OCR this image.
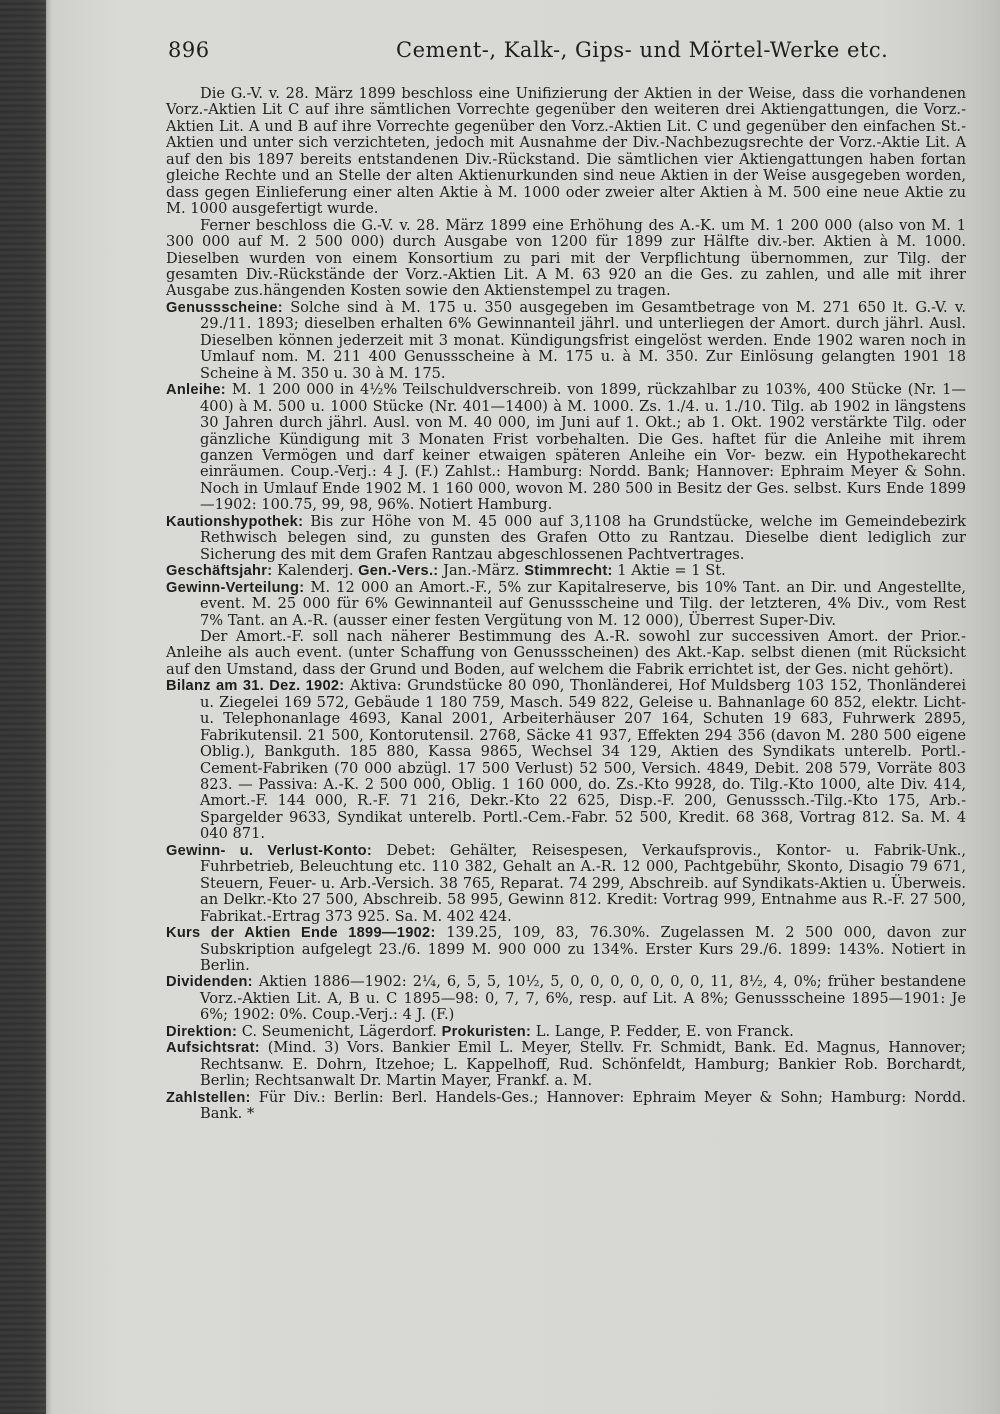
896	Cement-, Kalk-, Gips- und Mörtel-Werke etc.

Die G.-V. v. 28. März 1899 beschloss eine Unifizierung der Aktien in der Weise, dass die vorhandenen Vorz.-Aktien Lit C auf ihre sämtlichen Vorrechte gegenüber den weiteren drei Aktiengattungen, die Vorz.-Aktien Lit. A und B auf ihre Vorrechte gegenüber den Vorz.-Aktien Lit. C und gegenüber den einfachen St.-Aktien und unter sich verzichteten, jedoch mit Ausnahme der Div.-Nachbezugsrechte der Vorz.-Aktie Lit. A auf den bis 1897 bereits entstandenen Div.-Rückstand. Die sämtlichen vier Aktiengattungen haben fortan gleiche Rechte und an Stelle der alten Aktienurkunden sind neue Aktien in der Weise ausgegeben worden, dass gegen Einlieferung einer alten Aktie à M. 1000 oder zweier alter Aktien à M. 500 eine neue Aktie zu M. 1000 ausgefertigt wurde.

Ferner beschloss die G.-V. v. 28. März 1899 eine Erhöhung des A.-K. um M. 1 200 000 (also von M. 1 300 000 auf M. 2 500 000) durch Ausgabe von 1200 für 1899 zur Hälfte div.-ber. Aktien à M. 1000. Dieselben wurden von einem Konsortium zu pari mit der Verpflichtung übernommen, zur Tilg. der gesamten Div.-Rückstände der Vorz.-Aktien Lit. A M. 63 920 an die Ges. zu zahlen, und alle mit ihrer Ausgabe zus.hängenden Kosten sowie den Aktienstempel zu tragen.

Genussscheine: Solche sind à M. 175 u. 350 ausgegeben im Gesamtbetrage von M. 271 650 lt. G.-V. v. 29./11. 1893; dieselben erhalten 6% Gewinnanteil jährl. und unterliegen der Amort. durch jährl. Ausl. Dieselben können jederzeit mit 3 monat. Kündigungsfrist eingelöst werden. Ende 1902 waren noch in Umlauf nom. M. 211 400 Genussscheine à M. 175 u. à M. 350. Zur Einlösung gelangten 1901 18 Scheine à M. 350 u. 30 à M. 175.

Anleihe: M. 1 200 000 in 4½% Teilschuldverschreib. von 1899, rückzahlbar zu 103%, 400 Stücke (Nr. 1—400) à M. 500 u. 1000 Stücke (Nr. 401—1400) à M. 1000. Zs. 1./4. u. 1./10. Tilg. ab 1902 in längstens 30 Jahren durch jährl. Ausl. von M. 40 000, im Juni auf 1. Okt.; ab 1. Okt. 1902 verstärkte Tilg. oder gänzliche Kündigung mit 3 Monaten Frist vorbehalten. Die Ges. haftet für die Anleihe mit ihrem ganzen Vermögen und darf keiner etwaigen späteren Anleihe ein Vor- bezw. ein Hypothekarecht einräumen. Coup.-Verj.: 4 J. (F.) Zahlst.: Hamburg: Nordd. Bank; Hannover: Ephraim Meyer & Sohn. Noch in Umlauf Ende 1902 M. 1 160 000, wovon M. 280 500 in Besitz der Ges. selbst. Kurs Ende 1899—1902: 100.75, 99, 98, 96%. Notiert Hamburg.

Kautionshypothek: Bis zur Höhe von M. 45 000 auf 3,1108 ha Grundstücke, welche im Gemeindebezirk Rethwisch belegen sind, zu gunsten des Grafen Otto zu Rantzau. Dieselbe dient lediglich zur Sicherung des mit dem Grafen Rantzau abgeschlossenen Pachtvertrages.

Geschäftsjahr: Kalenderj. Gen.-Vers.: Jan.-März. Stimmrecht: 1 Aktie = 1 St.

Gewinn-Verteilung: M. 12 000 an Amort.-F., 5% zur Kapitalreserve, bis 10% Tant. an Dir. und Angestellte, event. M. 25 000 für 6% Gewinnanteil auf Genussscheine und Tilg. der letzteren, 4% Div., vom Rest 7% Tant. an A.-R. (ausser einer festen Vergütung von M. 12 000), Überrest Super-Div.

Der Amort.-F. soll nach näherer Bestimmung des A.-R. sowohl zur successiven Amort. der Prior.-Anleihe als auch event. (unter Schaffung von Genussscheinen) des Akt.-Kap. selbst dienen (mit Rücksicht auf den Umstand, dass der Grund und Boden, auf welchem die Fabrik errichtet ist, der Ges. nicht gehört).

Bilanz am 31. Dez. 1902: Aktiva: Grundstücke 80 090, Thonländerei, Hof Muldsberg 103 152, Thonländerei u. Ziegelei 169 572, Gebäude 1 180 759, Masch. 549 822, Geleise u. Bahnanlage 60 852, elektr. Licht- u. Telephonanlage 4693, Kanal 2001, Arbeiterhäuser 207 164, Schuten 19 683, Fuhrwerk 2895, Fabrikutensil. 21 500, Kontorutensil. 2768, Säcke 41 937, Effekten 294 356 (davon M. 280 500 eigene Oblig.), Bankguth. 185 880, Kassa 9865, Wechsel 34 129, Aktien des Syndikats unterelb. Portl.-Cement-Fabriken (70 000 abzügl. 17 500 Verlust) 52 500, Versich. 4849, Debit. 208 579, Vorräte 803 823. — Passiva: A.-K. 2 500 000, Oblig. 1 160 000, do. Zs.-Kto 9928, do. Tilg.-Kto 1000, alte Div. 414, Amort.-F. 144 000, R.-F. 71 216, Dekr.-Kto 22 625, Disp.-F. 200, Genusssch.-Tilg.-Kto 175, Arb.-Spargelder 9633, Syndikat unterelb. Portl.-Cem.-Fabr. 52 500, Kredit. 68 368, Vortrag 812. Sa. M. 4 040 871.

Gewinn- u. Verlust-Konto: Debet: Gehälter, Reisespesen, Verkaufsprovis., Kontor- u. Fabrik-Unk., Fuhrbetrieb, Beleuchtung etc. 110 382, Gehalt an A.-R. 12 000, Pachtgebühr, Skonto, Disagio 79 671, Steuern, Feuer- u. Arb.-Versich. 38 765, Reparat. 74 299, Abschreib. auf Syndikats-Aktien u. Überweis. an Delkr.-Kto 27 500, Abschreib. 58 995, Gewinn 812. Kredit: Vortrag 999, Entnahme aus R.-F. 27 500, Fabrikat.-Ertrag 373 925. Sa. M. 402 424.

Kurs der Aktien Ende 1899—1902: 139.25, 109, 83, 76.30%. Zugelassen M. 2 500 000, davon zur Subskription aufgelegt 23./6. 1899 M. 900 000 zu 134%. Erster Kurs 29./6. 1899: 143%. Notiert in Berlin.

Dividenden: Aktien 1886—1902: 2¼, 6, 5, 5, 10½, 5, 0, 0, 0, 0, 0, 0, 0, 11, 8½, 4, 0%; früher bestandene Vorz.-Aktien Lit. A, B u. C 1895—98: 0, 7, 7, 6%, resp. auf Lit. A 8%; Genussscheine 1895—1901: Je 6%; 1902: 0%. Coup.-Verj.: 4 J. (F.)

Direktion: C. Seumenicht, Lägerdorf. Prokuristen: L. Lange, P. Fedder, E. von Franck.

Aufsichtsrat: (Mind. 3) Vors. Bankier Emil L. Meyer, Stellv. Fr. Schmidt, Bank. Ed. Magnus, Hannover; Rechtsanw. E. Dohrn, Itzehoe; L. Kappelhoff, Rud. Schönfeldt, Hamburg; Bankier Rob. Borchardt, Berlin; Rechtsanwalt Dr. Martin Mayer, Frankf. a. M.

Zahlstellen: Für Div.: Berlin: Berl. Handels-Ges.; Hannover: Ephraim Meyer & Sohn; Hamburg: Nordd. Bank. *
